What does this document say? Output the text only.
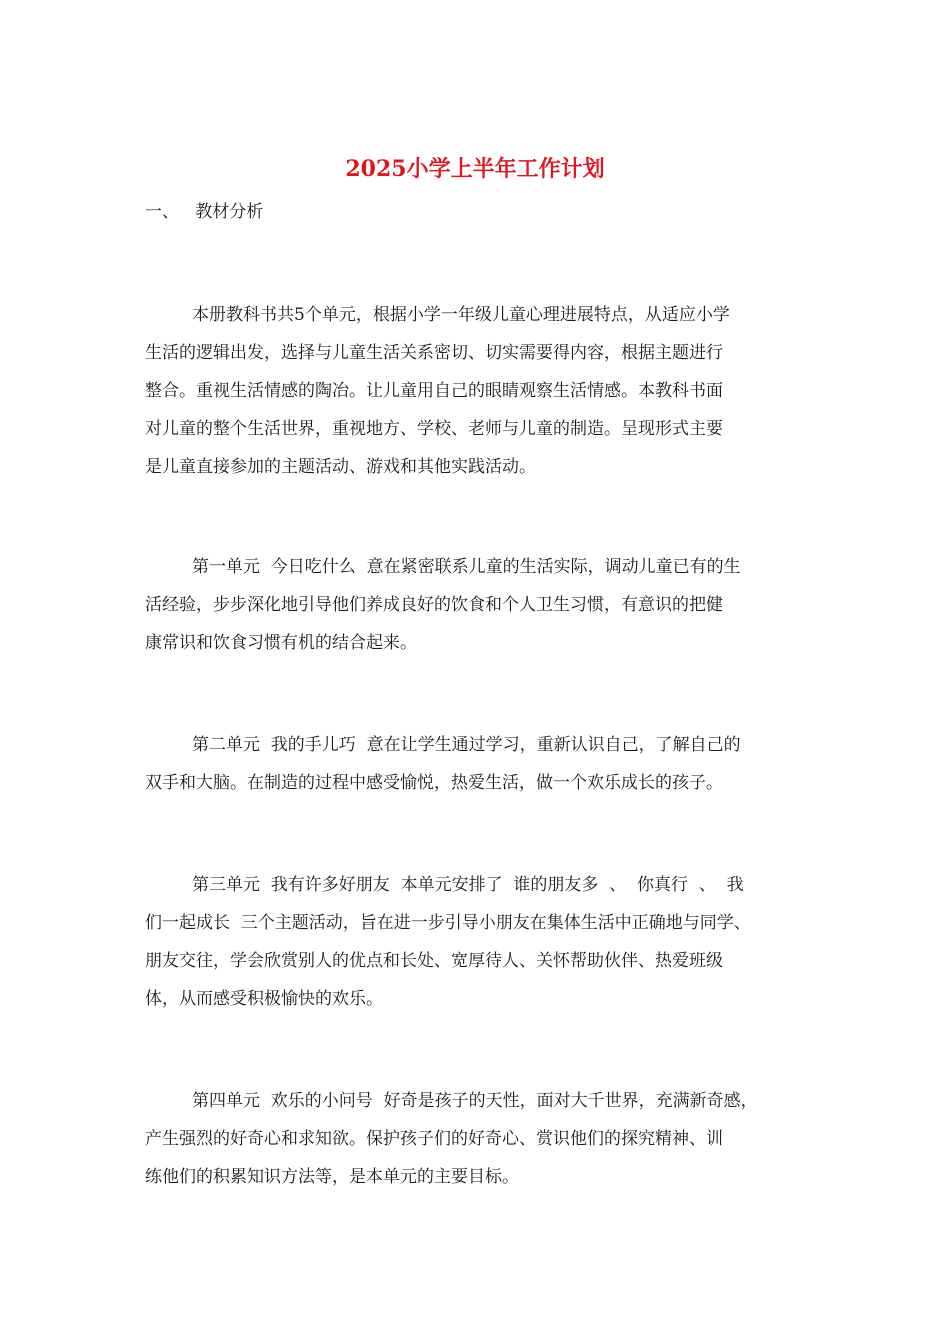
2025小学上半年工作计划
一、   教材分析
本册教科书共5个单元，根据小学一年级儿童心理进展特点，从适应小学
生活的逻辑出发，选择与儿童生活关系密切、切实需要得内容，根据主题进行
整合。重视生活情感的陶冶。让儿童用自己的眼睛观察生活情感。本教科书面
对儿童的整个生活世界，重视地方、学校、老师与儿童的制造。呈现形式主要
是儿童直接参加的主题活动、游戏和其他实践活动。
第一单元  今日吃什么  意在紧密联系儿童的生活实际，调动儿童已有的生
活经验，步步深化地引导他们养成良好的饮食和个人卫生习惯，有意识的把健
康常识和饮食习惯有机的结合起来。
第二单元  我的手儿巧  意在让学生通过学习，重新认识自己，了解自己的
双手和大脑。在制造的过程中感受愉悦，热爱生活，做一个欢乐成长的孩子。
第三单元  我有许多好朋友  本单元安排了  谁的朋友多  、  你真行  、  我
们一起成长  三个主题活动，旨在进一步引导小朋友在集体生活中正确地与同学、
朋友交往，学会欣赏别人的优点和长处、宽厚待人、关怀帮助伙伴、热爱班级
体，从而感受积极愉快的欢乐。
第四单元  欢乐的小问号  好奇是孩子的天性，面对大千世界，充满新奇感，
产生强烈的好奇心和求知欲。保护孩子们的好奇心、赏识他们的探究精神、训
练他们的积累知识方法等，是本单元的主要目标。
